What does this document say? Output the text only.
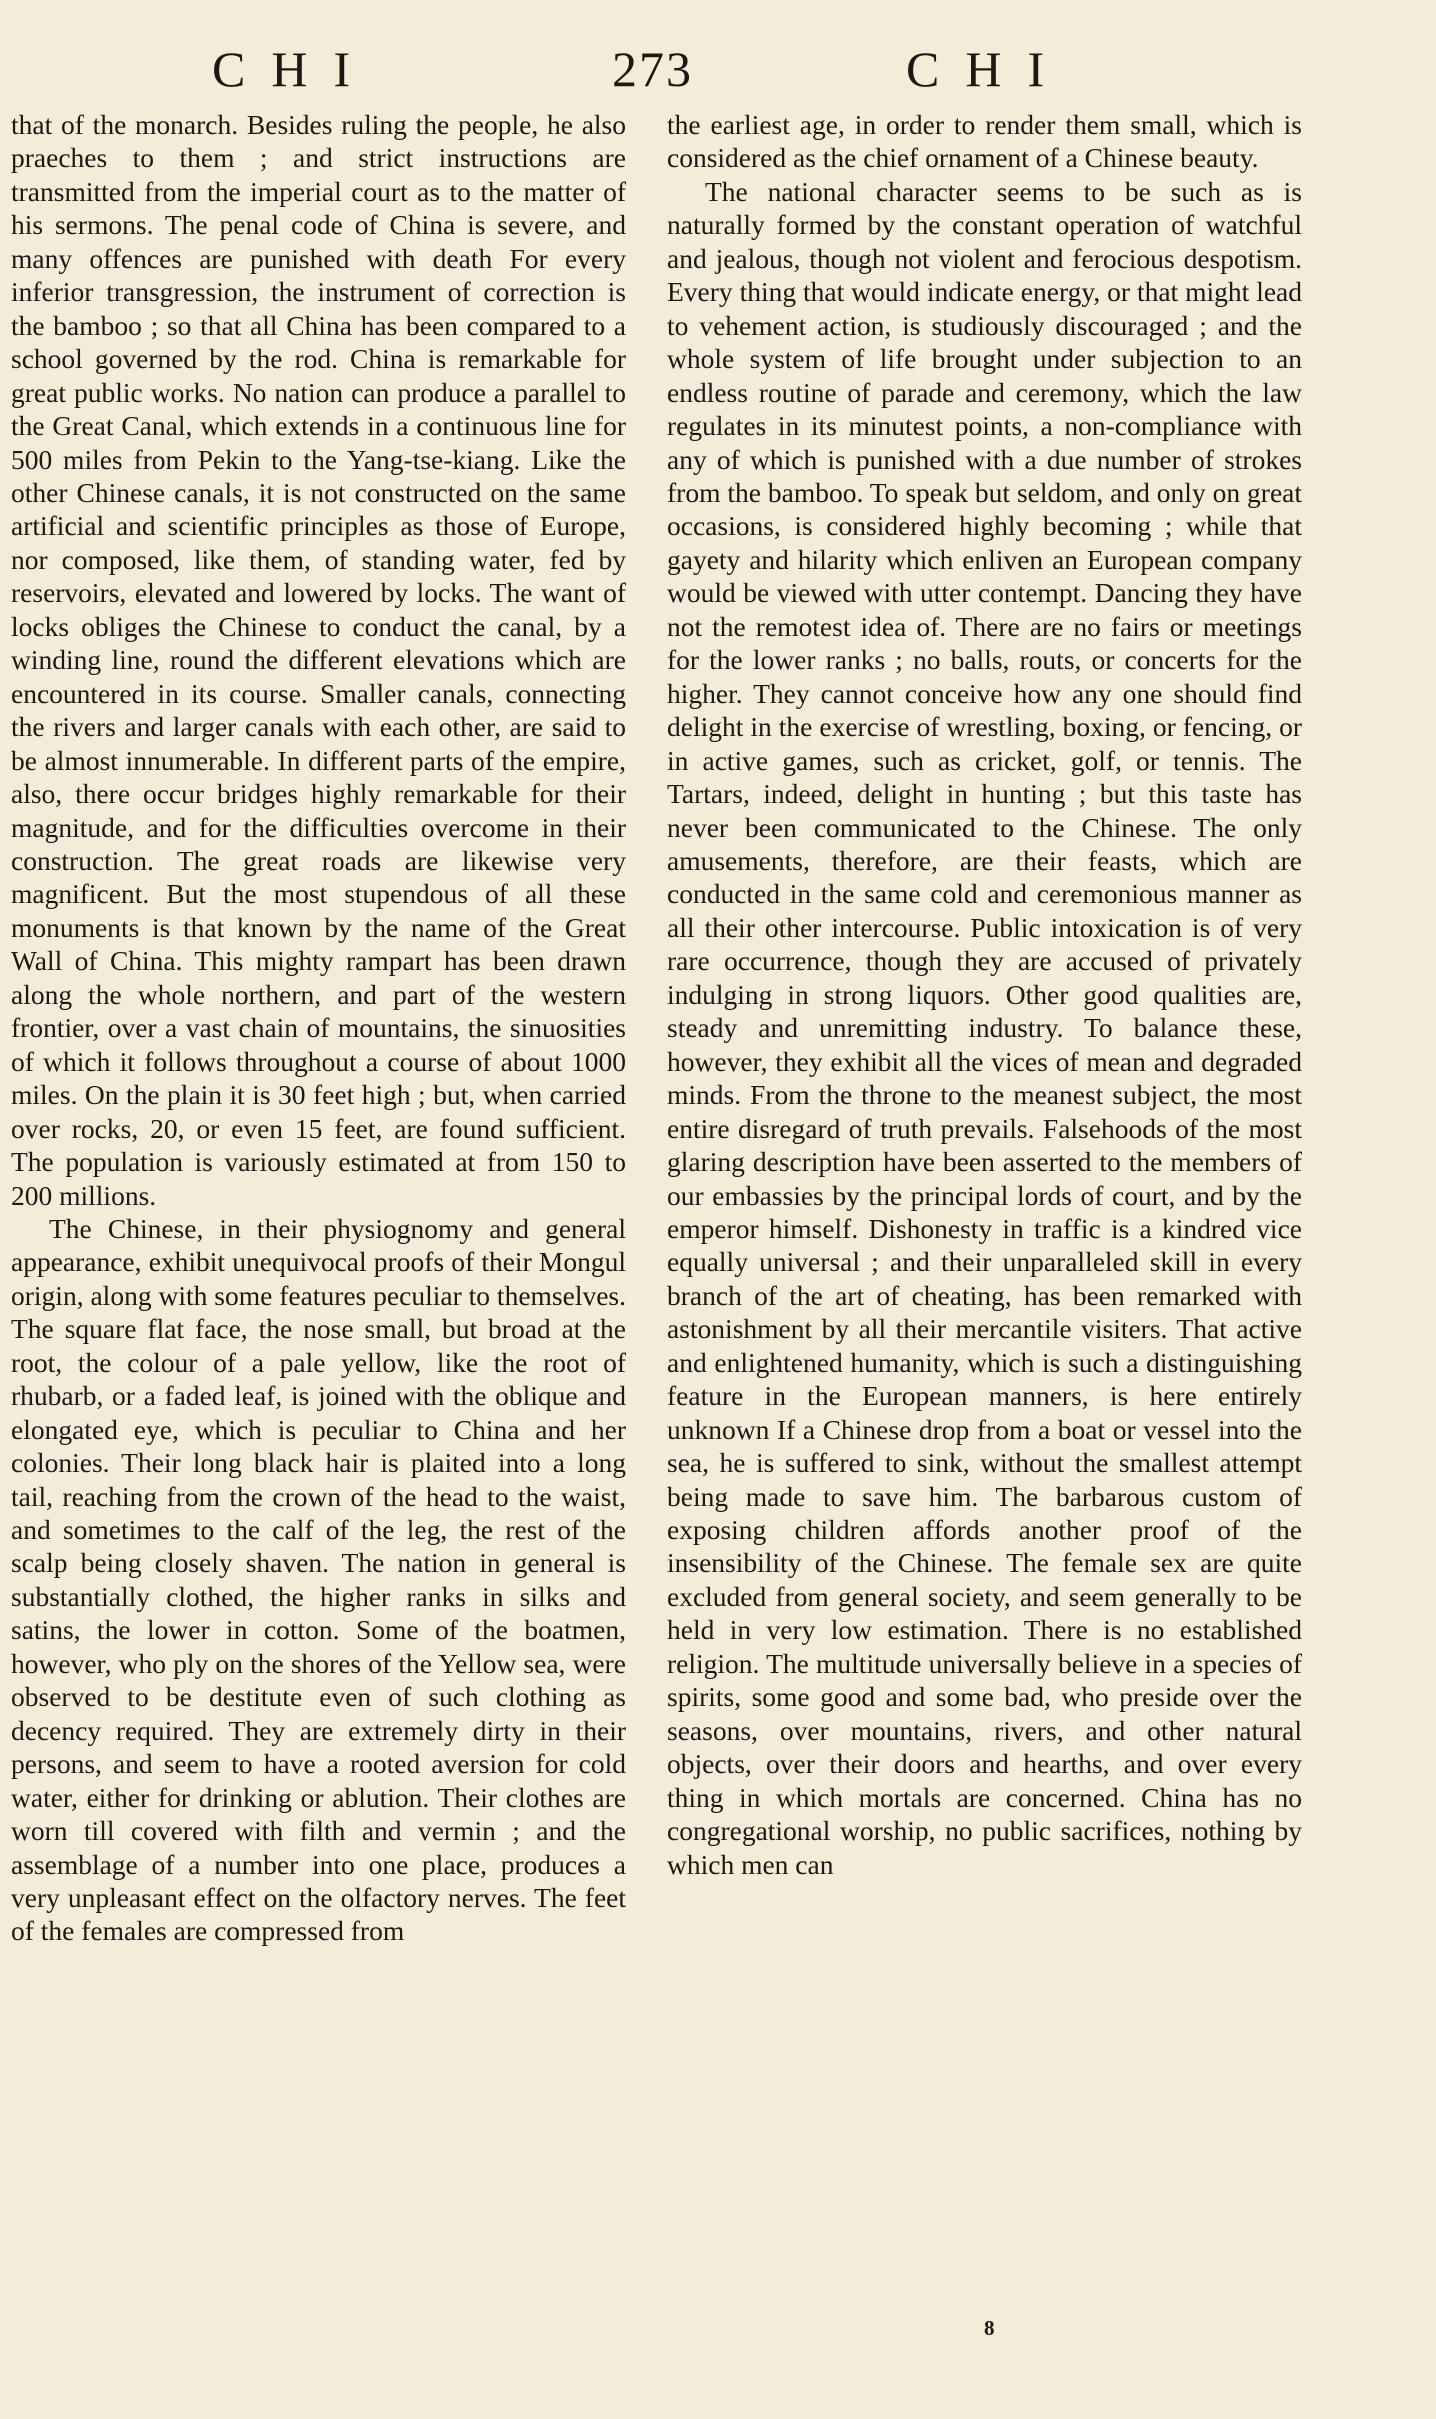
CHI	273	CHI

that of the monarch. Besides ruling the people, he also praeches to them ; and strict instructions are transmitted from the imperial court as to the matter of his sermons. The penal code of China is severe, and many offences are punished with death For every inferior transgression, the instrument of correction is the bamboo ; so that all China has been compared to a school governed by the rod. China is remarkable for great public works. No nation can produce a parallel to the Great Canal, which extends in a continuous line for 500 miles from Pekin to the Yang-tse-kiang. Like the other Chinese canals, it is not constructed on the same artificial and scientific principles as those of Europe, nor composed, like them, of standing water, fed by reservoirs, elevated and lowered by locks. The want of locks obliges the Chinese to conduct the canal, by a winding line, round the different elevations which are encountered in its course. Smaller canals, connecting the rivers and larger canals with each other, are said to be almost innumerable. In different parts of the empire, also, there occur bridges highly remarkable for their magnitude, and for the difficulties overcome in their construction. The great roads are likewise very magnificent. But the most stupendous of all these monuments is that known by the name of the Great Wall of China. This mighty rampart has been drawn along the whole northern, and part of the western frontier, over a vast chain of mountains, the sinuosities of which it follows throughout a course of about 1000 miles. On the plain it is 30 feet high ; but, when carried over rocks, 20, or even 15 feet, are found sufficient. The population is variously estimated at from 150 to 200 millions.

The Chinese, in their physiognomy and general appearance, exhibit unequivocal proofs of their Mongul origin, along with some features peculiar to themselves. The square flat face, the nose small, but broad at the root, the colour of a pale yellow, like the root of rhubarb, or a faded leaf, is joined with the oblique and elongated eye, which is peculiar to China and her colonies. Their long black hair is plaited into a long tail, reaching from the crown of the head to the waist, and sometimes to the calf of the leg, the rest of the scalp being closely shaven. The nation in general is substantially clothed, the higher ranks in silks and satins, the lower in cotton. Some of the boatmen, however, who ply on the shores of the Yellow sea, were observed to be destitute even of such clothing as decency required. They are extremely dirty in their persons, and seem to have a rooted aversion for cold water, either for drinking or ablution. Their clothes are worn till covered with filth and vermin ; and the assemblage of a number into one place, produces a very unpleasant effect on the olfactory nerves. The feet of the females are compressed from

the earliest age, in order to render them small, which is considered as the chief ornament of a Chinese beauty.

The national character seems to be such as is naturally formed by the constant operation of watchful and jealous, though not violent and ferocious despotism. Every thing that would indicate energy, or that might lead to vehement action, is studiously discouraged ; and the whole system of life brought under subjection to an endless routine of parade and ceremony, which the law regulates in its minutest points, a non-compliance with any of which is punished with a due number of strokes from the bamboo. To speak but seldom, and only on great occasions, is considered highly becoming ; while that gayety and hilarity which enliven an European company would be viewed with utter contempt. Dancing they have not the remotest idea of. There are no fairs or meetings for the lower ranks ; no balls, routs, or concerts for the higher. They cannot conceive how any one should find delight in the exercise of wrestling, boxing, or fencing, or in active games, such as cricket, golf, or tennis. The Tartars, indeed, delight in hunting ; but this taste has never been communicated to the Chinese. The only amusements, therefore, are their feasts, which are conducted in the same cold and ceremonious manner as all their other intercourse. Public intoxication is of very rare occurrence, though they are accused of privately indulging in strong liquors. Other good qualities are, steady and unremitting industry. To balance these, however, they exhibit all the vices of mean and degraded minds. From the throne to the meanest subject, the most entire disregard of truth prevails. Falsehoods of the most glaring description have been asserted to the members of our embassies by the principal lords of court, and by the emperor himself. Dishonesty in traffic is a kindred vice equally universal ; and their unparalleled skill in every branch of the art of cheating, has been remarked with astonishment by all their mercantile visiters. That active and enlightened humanity, which is such a distinguishing feature in the European manners, is here entirely unknown If a Chinese drop from a boat or vessel into the sea, he is suffered to sink, without the smallest attempt being made to save him. The barbarous custom of exposing children affords another proof of the insensibility of the Chinese. The female sex are quite excluded from general society, and seem generally to be held in very low estimation. There is no established religion. The multitude universally believe in a species of spirits, some good and some bad, who preside over the seasons, over mountains, rivers, and other natural objects, over their doors and hearths, and over every thing in which mortals are concerned. China has no congregational worship, no public sacrifices, nothing by which men can

8
